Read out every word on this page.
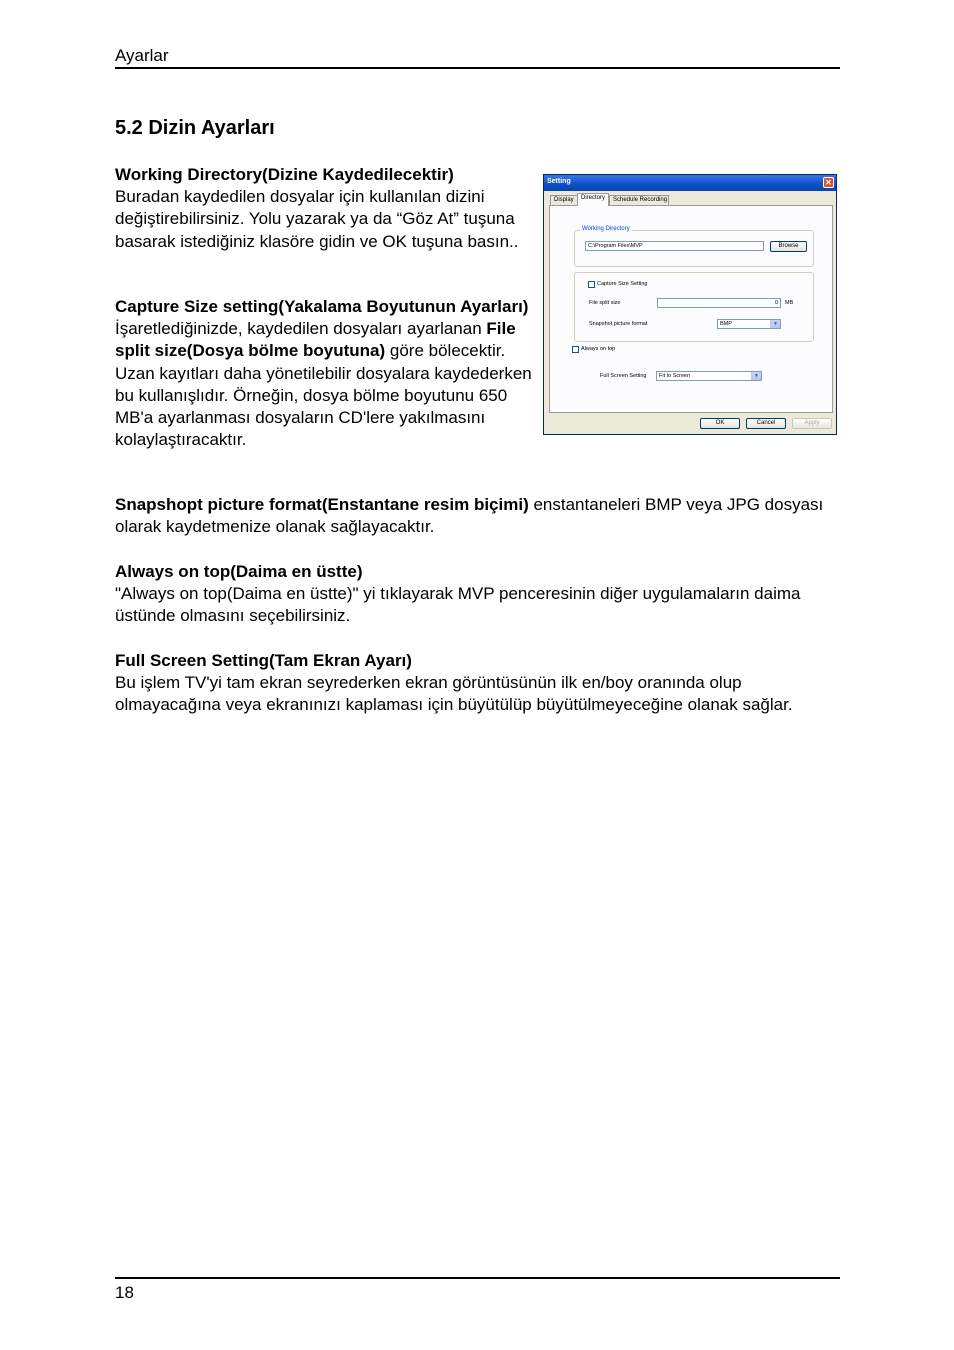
Ayarlar
5.2 Dizin Ayarları
Working Directory(Dizine Kaydedilecektir)
Buradan kaydedilen dosyalar için kullanılan dizini değiştirebilirsiniz. Yolu yazarak ya da “Göz At” tuşuna basarak istediğiniz klasöre gidin ve OK tuşuna basın..
Capture Size setting(Yakalama Boyutunun Ayarları)
İşaretlediğinizde, kaydedilen dosyaları ayarlanan File split size(Dosya bölme boyutuna) göre bölecektir. Uzan kayıtları daha yönetilebilir dosyalara kaydederken bu kullanışlıdır. Örneğin, dosya bölme boyutunu 650 MB'a ayarlanması dosyaların CD'lere yakılmasını kolaylaştıracaktır.
Snapshopt picture format(Enstantane resim biçimi) enstantaneleri BMP veya JPG dosyası olarak kaydetmenize olanak sağlayacaktır.
Always on top(Daima en üstte)
"Always on top(Daima en üstte)" yi tıklayarak MVP penceresinin diğer uygulamaların daima üstünde olmasını seçebilirsiniz.
Full Screen Setting(Tam Ekran Ayarı)
Bu işlem TV'yi tam ekran seyrederken ekran görüntüsünün ilk en/boy oranında olup olmayacağına veya ekranınızı kaplaması için büyütülüp büyütülmeyeceğine olanak sağlar.
Setting	✕
Display	Directory	Schedule Recording
Working Directory
C:\Program Files\MVP	Browse
Capture Size Setting
File split size	0	MB
Snapshot picture format	BMP	▼
Always on top
Full Screen Setting	Fit to Screen	▼
OK	Cancel	Apply
18
